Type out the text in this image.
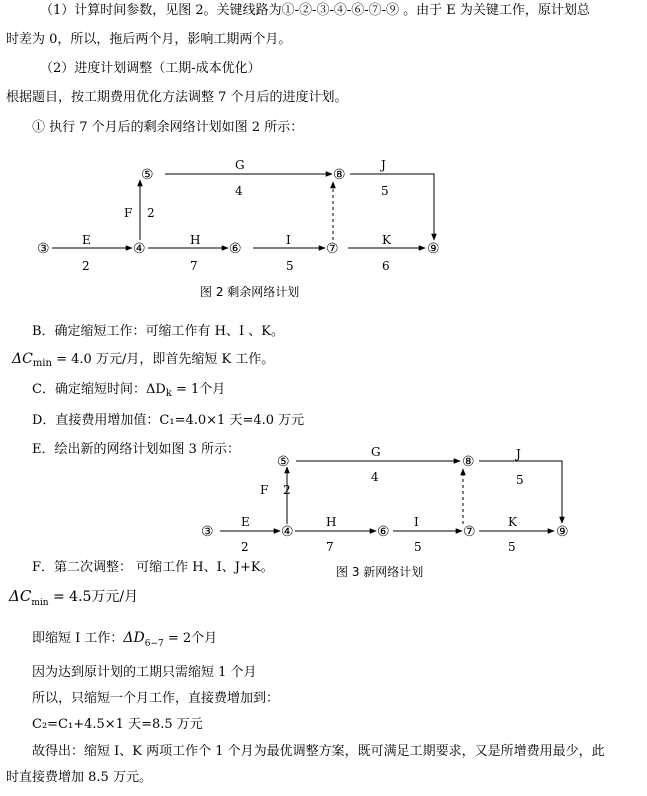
（1）计算时间参数，见图 2。关键线路为①-②-③-④-⑥-⑦-⑨ 。由于 E 为关键工作，原计划总
时差为 0，所以，拖后两个月，影响工期两个月。
（2）进度计划调整（工期-成本优化）
根据题目，按工期费用优化方法调整 7 个月后的进度计划。
① 执行 7 个月后的剩余网络计划如图 2 所示：
③	④
⑤
⑥	⑦
⑧
⑨
E
2
F 2
G
4
H
7
I
5
J
5
K
6
图 2 剩余网络计划
B．确定缩短工作：可缩工作有 H、I 、K。
$\Delta C_{min} = 4.0$ 万元/月，即首先缩短 K 工作。
C．确定缩短时间：$\Delta D_k = 1$个月
D．直接费用增加值：C₁=4.0×1 天=4.0 万元
E．绘出新的网络计划如图 3 所示：
③	④
⑤
⑥	⑦
⑧
⑨
E
2
F 2
G
4
H
7
I
5
J
5
K
5
图 3 新网络计划
F．第二次调整： 可缩工作 H、I、J+K。
$\Delta C_{min} = 4.5$万元/月
即缩短 I 工作：$\Delta D_{6-7} = 2$个月
因为达到原计划的工期只需缩短 1 个月
所以，只缩短一个月工作，直接费增加到：
C₂=C₁+4.5×1 天=8.5 万元
故得出：缩短 I、K 两项工作个 1 个月为最优调整方案，既可满足工期要求，又是所增费用最少，此
时直接费增加 8.5 万元。
